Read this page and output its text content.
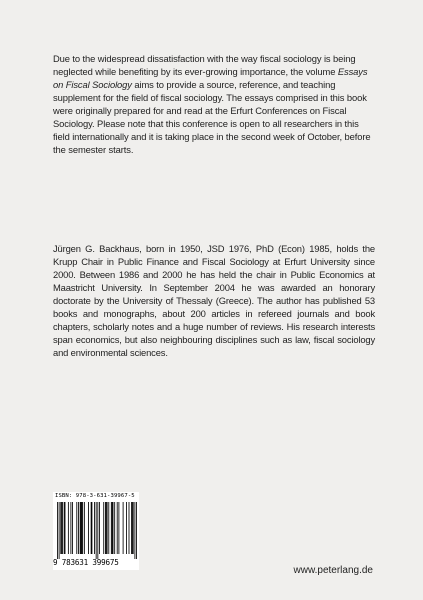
Due to the widespread dissatisfaction with the way fiscal sociology is being neglected while benefiting by its ever-growing importance, the volume Essays on Fiscal Sociology aims to provide a source, reference, and teaching supplement for the field of fiscal sociology. The essays comprised in this book were originally prepared for and read at the Erfurt Conferences on Fiscal Sociology. Please note that this conference is open to all researchers in this field internationally and it is taking place in the second week of October, before the semester starts.

Jürgen G. Backhaus, born in 1950, JSD 1976, PhD (Econ) 1985, holds the Krupp Chair in Public Finance and Fiscal Sociology at Erfurt University since 2000. Between 1986 and 2000 he has held the chair in Public Economics at Maastricht University. In September 2004 he was awarded an honorary doctorate by the University of Thessaly (Greece). The author has published 53 books and monographs, about 200 articles in refereed journals and book chapters, scholarly notes and a huge number of reviews. His research interests span economics, but also neighbouring disciplines such as law, fiscal sociology and environmental sciences.

ISBN: 978-3-631-39967-5
9 783631 399675
www.peterlang.de
